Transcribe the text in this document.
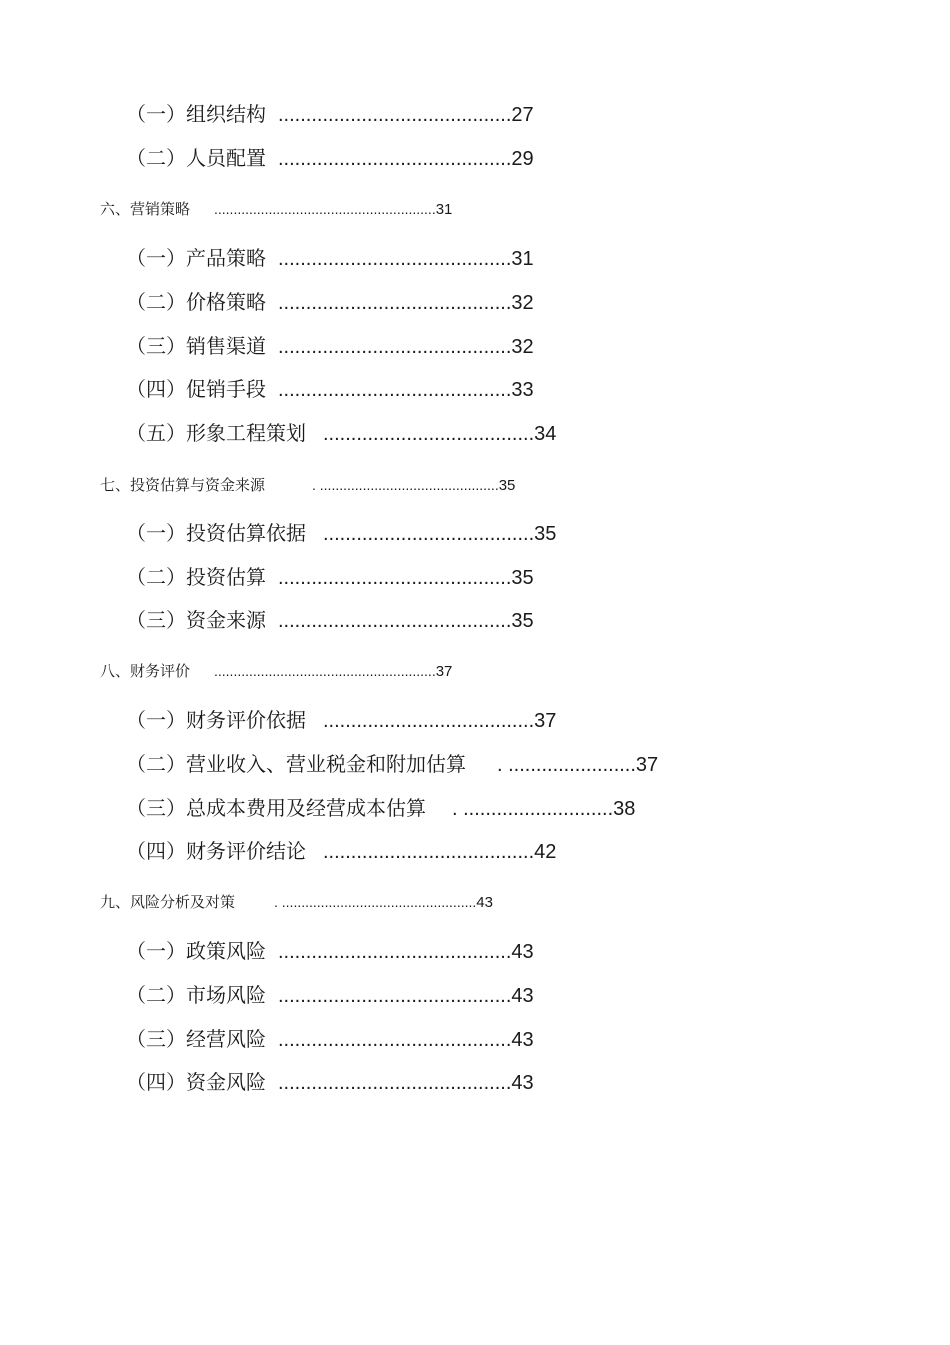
（一）组织结构 ..........................................27
（二）人员配置 ..........................................29
六、营销策略 .........................................................31
（一）产品策略 ..........................................31
（二）价格策略 ..........................................32
（三）销售渠道 ..........................................32
（四）促销手段 ..........................................33
（五）形象工程策划 ......................................34
七、投资估算与资金来源	. ..............................................35
（一）投资估算依据 ......................................35
（二）投资估算 ..........................................35
（三）资金来源 ..........................................35
八、财务评价 .........................................................37
（一）财务评价依据 ......................................37
（二）营业收入、营业税金和附加估算 . .......................37
（三）总成本费用及经营成本估算 . ...........................38
（四）财务评价结论 ......................................42
九、风险分析及对策	. ..................................................43
（一）政策风险 ..........................................43
（二）市场风险 ..........................................43
（三）经营风险 ..........................................43
（四）资金风险 ..........................................43
